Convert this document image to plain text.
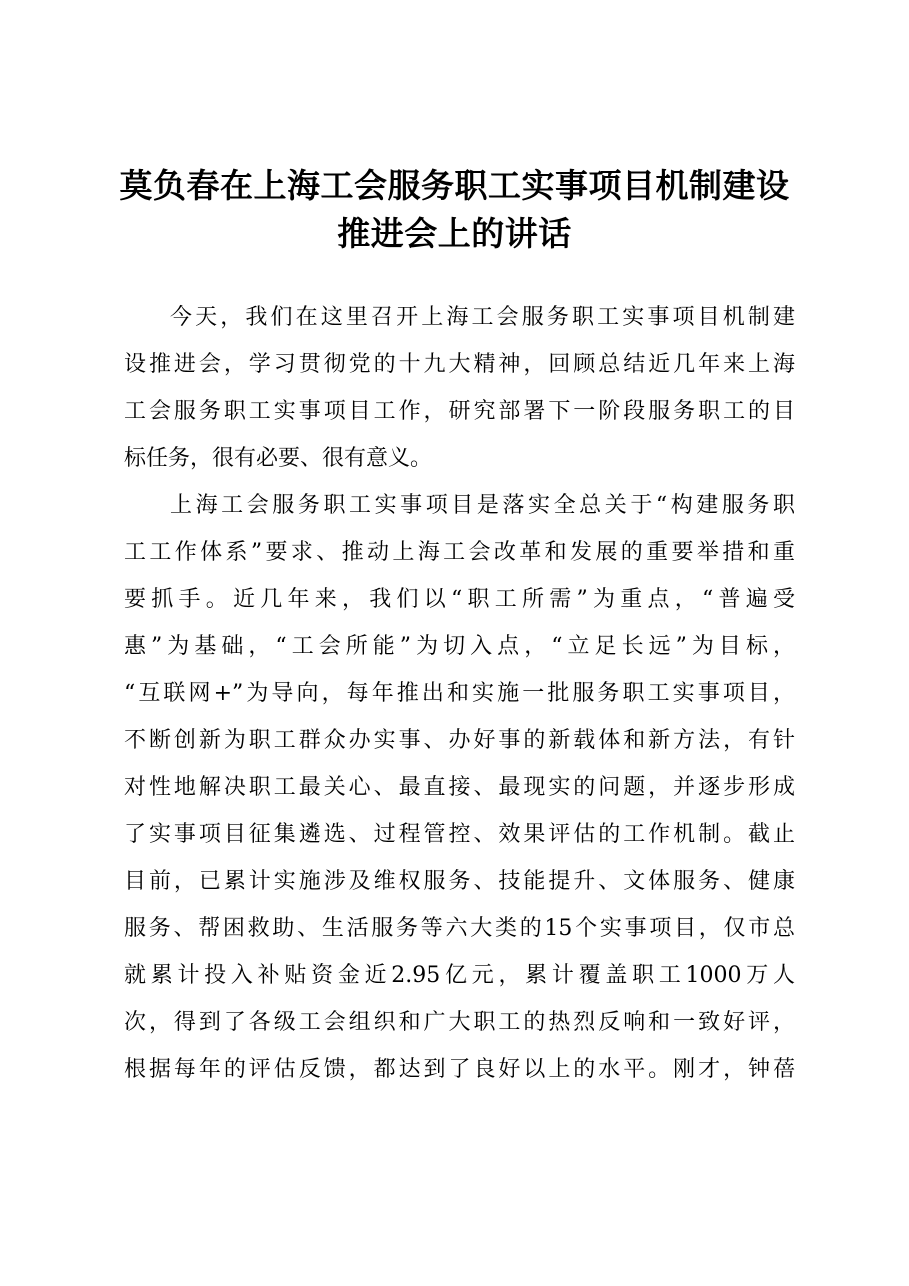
莫负春在上海工会服务职工实事项目机制建设
推进会上的讲话
今天，我们在这里召开上海工会服务职工实事项目机制建
设推进会，学习贯彻党的十九大精神，回顾总结近几年来上海
工会服务职工实事项目工作，研究部署下一阶段服务职工的目
标任务，很有必要、很有意义。
上海工会服务职工实事项目是落实全总关于“构建服务职
工工作体系”要求、推动上海工会改革和发展的重要举措和重
要抓手。近几年来，我们以“职工所需”为重点，“普遍受
惠”为基础，“工会所能”为切入点，“立足长远”为目标，
“互联网+”为导向，每年推出和实施一批服务职工实事项目，
不断创新为职工群众办实事、办好事的新载体和新方法，有针
对性地解决职工最关心、最直接、最现实的问题，并逐步形成
了实事项目征集遴选、过程管控、效果评估的工作机制。截止
目前，已累计实施涉及维权服务、技能提升、文体服务、健康
服务、帮困救助、生活服务等六大类的15个实事项目，仅市总
就累计投入补贴资金近2.95亿元，累计覆盖职工1000万人
次，得到了各级工会组织和广大职工的热烈反响和一致好评，
根据每年的评估反馈，都达到了良好以上的水平。刚才，钟蓓
